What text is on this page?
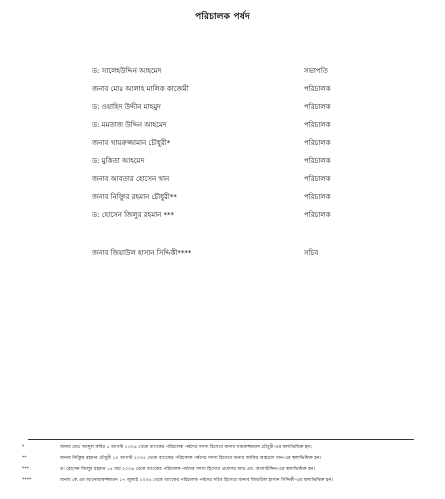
পরিচালক পর্ষদ
ড: সালেহউদ্দিন আহমেদ	সভাপতি
জনাব মোঃ আলাহ মালিক কাজেমী	পরিচালক
ড: ওয়াহিদ উদ্দীন মাহমুদ	পরিচালক
ড: মমতাজ উদ্দিন আহমেদ	পরিচালক
জনাব খায়রুজ্জামান চৌধুরী*	পরিচালক
ড: মুকিতা আহমেদ	পরিচালক
জনাব আবতার হোসেন খান	পরিচালক
জনাব নিক্তিুর রহমান চৌধুরী**	পরিচালক
ড: হোসেন জিলুর রহমান ***	পরিচালক
জনাব জিয়াউল হাসান সিদ্দিকী****	সচিব
*	জনাব মোঃ আব্দুল কবির ৫ আগস্ট ২০০৬ থেকে ব্যাংকের পরিচালক পর্ষদের সদস্য হিসেবে জনাব খায়রুজ্জামান চৌধুরী-এর স্থলাভিষিক্ত হন।
**	জনাব নিক্তিুর রহমান চৌধুরী ১০ আগস্ট ২০০৫ থেকে ব্যাংকের পরিচালক পর্ষদের সদস্য হিসেবে জনাব জাকির আহমেদ খান-এর স্থলাভিষিক্ত হন।
***	ড: হোসেন জিলুর রহমান ১৫ মার্চ ২০০৬ থেকে ব্যাংকের পরিচালক পর্ষদের সদস্য হিসেবে প্রফেসর আর.এম. আলাউদ্দিন-এর স্থলাভিষিক্ত হন।
****	জনাব কে.এম আনোয়ারুজ্জামান ১৭ জুলাই ২০০৬ থেকে ব্যাংকের পরিচালক পর্ষদের সচিব হিসেবে জনাব জিয়াউল হাসান সিদ্দিকী-এর স্থলাভিষিক্ত হন।
